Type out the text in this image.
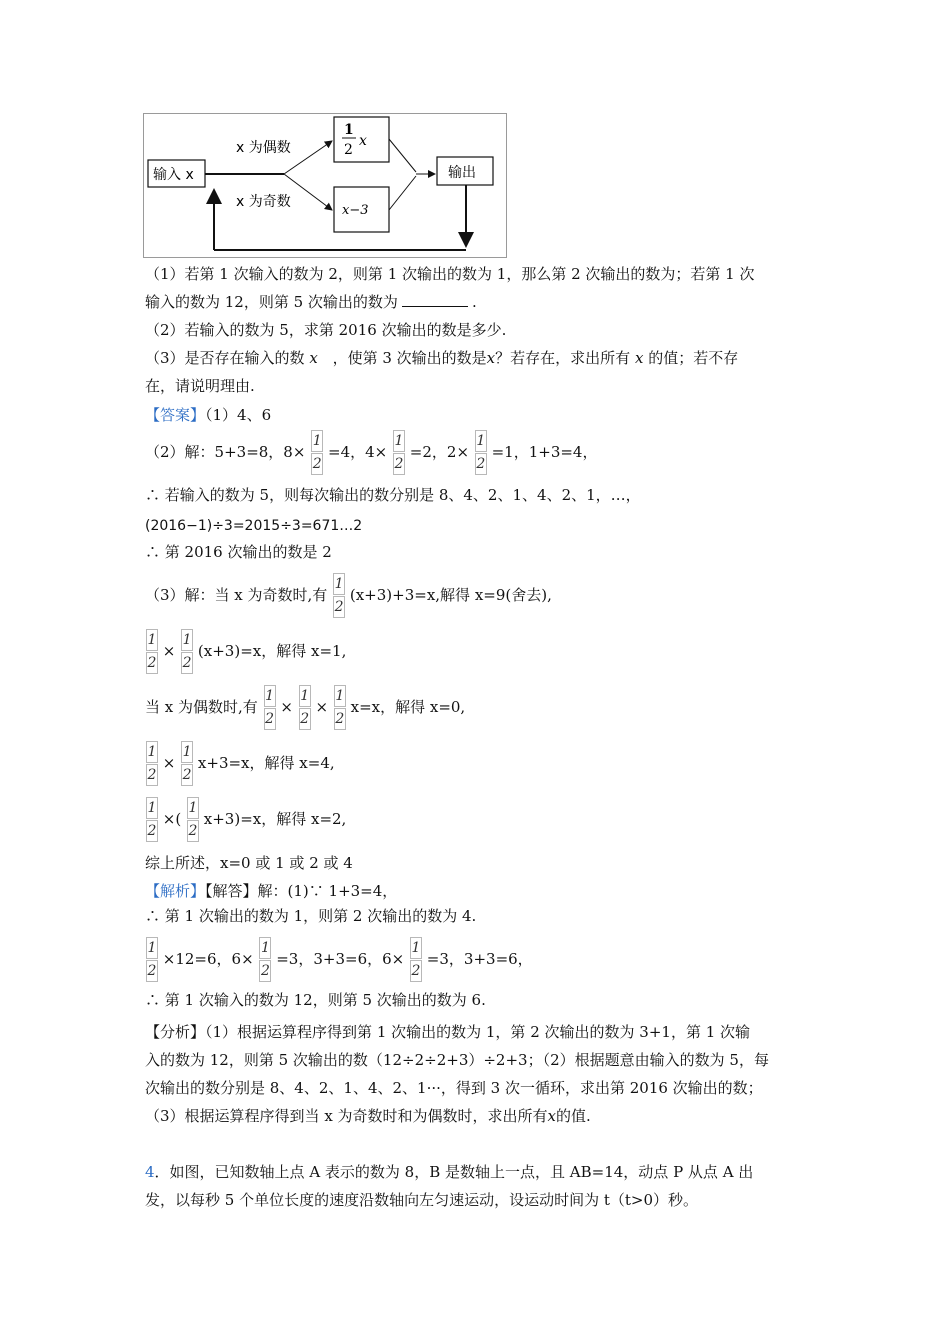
输入 x
x 为偶数
x 为奇数
1
2
x
x−3
输出
（1）若第 1 次输入的数为 2，则第 1 次输出的数为 1，那么第 2 次输出的数为；若第 1 次
输入的数为 12，则第 5 次输出的数为	.
（2）若输入的数为 5，求第 2016 次输出的数是多少.
（3）是否存在输入的数 x ，使第 3 次输出的数是x？若存在，求出所有 x 的值；若不存
在，请说明理由.
【答案】（1）4、6
（2）解：5+3=8，$8\times \frac{1}{2} =4$，$4\times \frac{1}{2} =2$，$2\times \frac{1}{2} =1$，1+3=4，
∴ 若输入的数为 5，则每次输出的数分别是 8、4、2、1、4、2、1，…，
(2016−1)÷3=2015÷3=671…2
∴ 第 2016 次输出的数是 2
（3）解：当 x 为奇数时,有 $\frac{1}{2} (x+3)+3=x$,解得 x=9(舍去),
$\frac{1}{2} \times \frac{1}{2} (x+3)=x$，解得 x=1,
当 x 为偶数时,有 $\frac{1}{2} \times \frac{1}{2} \times \frac{1}{2} x=x$，解得 x=0,
$\frac{1}{2} \times \frac{1}{2} x+3=x$，解得 x=4,
$\frac{1}{2}$ ×( $\frac{1}{2} x+3)=x$，解得 x=2,
综上所述，x=0 或 1 或 2 或 4
【解析】【解答】解：(1)∵ 1+3=4，
∴ 第 1 次输出的数为 1，则第 2 次输出的数为 4.
$\frac{1}{2} \times 12=6$，$6\times \frac{1}{2} =3$，3+3=6，$6\times \frac{1}{2} =3$，3+3=6，
∴ 第 1 次输入的数为 12，则第 5 次输出的数为 6.
【分析】（1）根据运算程序得到第 1 次输出的数为 1，第 2 次输出的数为 3+1，第 1 次输
入的数为 12，则第 5 次输出的数（12÷2÷2+3）÷2+3；（2）根据题意由输入的数为 5，每
次输出的数分别是 8、4、2、1、4、2、1···，得到 3 次一循环，求出第 2016 次输出的数；
（3）根据运算程序得到当 x 为奇数时和为偶数时，求出所有x的值.
4．如图，已知数轴上点 A 表示的数为 8，B 是数轴上一点，且 AB=14，动点 P 从点 A 出
发，以每秒 5 个单位长度的速度沿数轴向左匀速运动，设运动时间为 t（t>0）秒。
